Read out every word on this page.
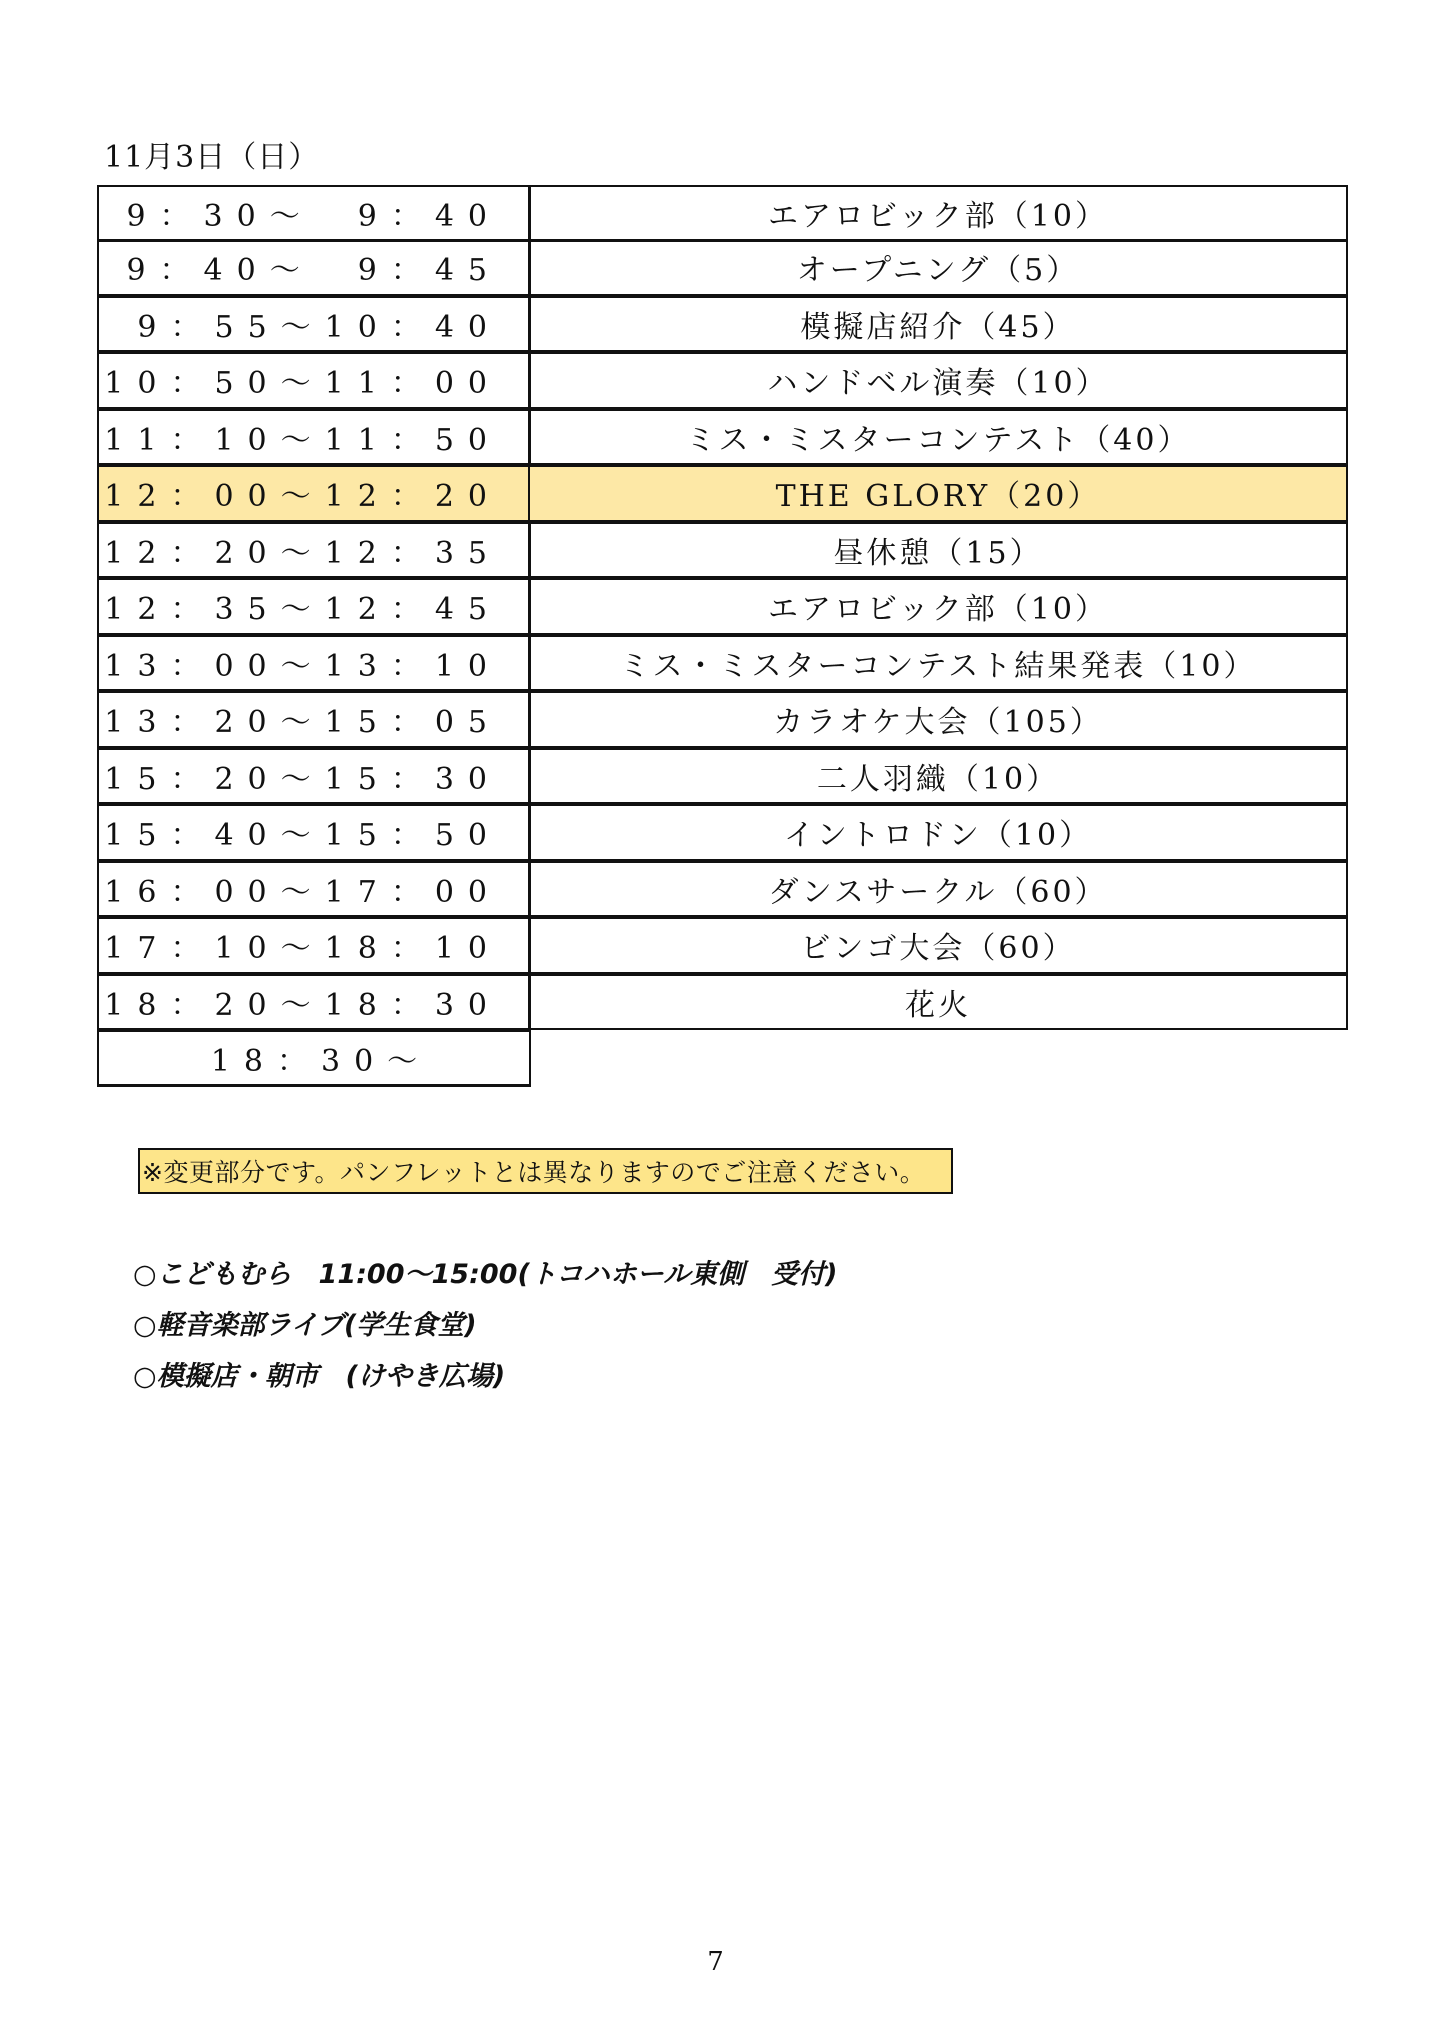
11月3日（日）
9：30～　9：40	エアロビック部（10）
9：40～　9：45	オープニング（5）
9：55～10：40	模擬店紹介（45）
10：50～11：00	ハンドベル演奏（10）
11：10～11：50	ミス・ミスターコンテスト（40）
12：00～12：20	THE GLORY（20）
12：20～12：35	昼休憩（15）
12：35～12：45	エアロビック部（10）
13：00～13：10	ミス・ミスターコンテスト結果発表（10）
13：20～15：05	カラオケ大会（105）
15：20～15：30	二人羽織（10）
15：40～15：50	イントロドン（10）
16：00～17：00	ダンスサークル（60）
17：10～18：10	ビンゴ大会（60）
18：20～18：30	花火
18：30～
※変更部分です。パンフレットとは異なりますのでご注意ください。
○こどもむら　11:00～15:00(トコハホール東側　受付)
○軽音楽部ライブ(学生食堂)
○模擬店・朝市　(けやき広場)
7
